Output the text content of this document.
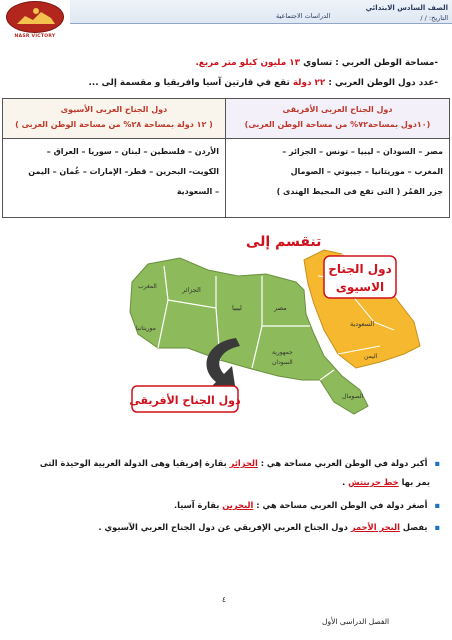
الصف السادس الابتدائي
الدراسات الاجتماعية	التاريخ: / /
NASR VICTORY
-مساحة الوطن العربي : تساوي ١٣ مليون كيلو متر مربع.
-عدد دول الوطن العربي : ٢٢ دولة تقع في قارتين آسيا وافريقيا و مقسمة إلى ...
دول الجناح العربى الأفريقى
(١٠دول بمساحة٧٢% من مساحة الوطن العربى)
دول الجناح العربى الأسيوى
( ١٢ دولة بمساحة ٢٨% من مساحة الوطن العربى )
مصر – السودان – ليبيا – تونس – الجزائر –
المغرب – موريتانيا – جيبوتي – الصومال
جزر القمُر ( التى تقع فى المحيط الهندى )
الأردن – فلسطين – لبنان – سوريا – العراق –
الكويت- البحرين – قطر– الإمارات – عُمان – اليمن
– السعودية
تنقسم إلى
دول الجناح
الاسيوى
دول الجناح الأفريقى
المغرب	الجزائر
ليبيا	مصر
موريتانيا
جمهورية
السودان
السعودية
اليمن
الصومال
▪ أكبر دولة في الوطن العربي مساحة هي : الجزائر بقارة إفريقيا وهى الدولة العربية الوحيدة التى
يمر بها خط جرينتش .
▪ أصغر دولة في الوطن العربي مساحة هي : البحرين بقارة آسيا.
▪ يفصل البحر الأحمر دول الجناح العربي الإفريقي عن دول الجناح العربي الآسيوي .
٤
الفصل الدراسى الأول
